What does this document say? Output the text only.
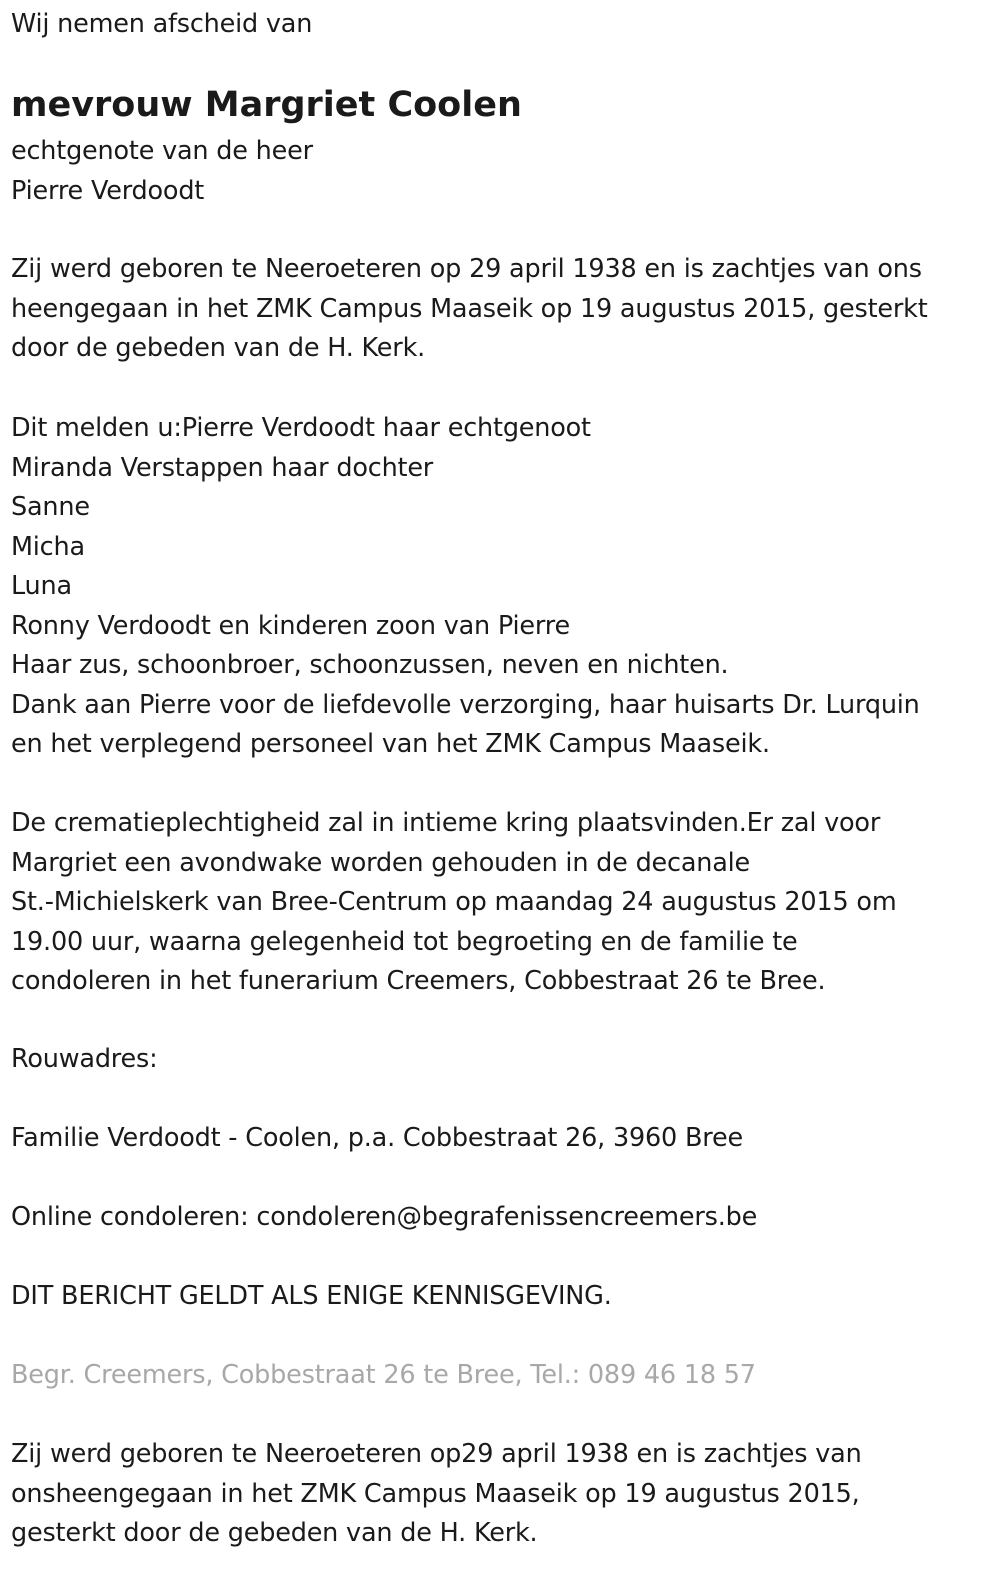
Wij nemen afscheid van
mevrouw Margriet Coolen
echtgenote van de heer
Pierre Verdoodt
Zij werd geboren te Neeroeteren op 29 april 1938 en is zachtjes van ons
heengegaan in het ZMK Campus Maaseik op 19 augustus 2015, gesterkt
door de gebeden van de H. Kerk.
Dit melden u:Pierre Verdoodt haar echtgenoot
Miranda Verstappen haar dochter
Sanne
Micha
Luna
Ronny Verdoodt en kinderen zoon van Pierre
Haar zus, schoonbroer, schoonzussen, neven en nichten.
Dank aan Pierre voor de liefdevolle verzorging, haar huisarts Dr. Lurquin
en het verplegend personeel van het ZMK Campus Maaseik.
De crematieplechtigheid zal in intieme kring plaatsvinden.Er zal voor
Margriet een avondwake worden gehouden in de decanale
St.-Michielskerk van Bree-Centrum op maandag 24 augustus 2015 om
19.00 uur, waarna gelegenheid tot begroeting en de familie te
condoleren in het funerarium Creemers, Cobbestraat 26 te Bree.
Rouwadres:
Familie Verdoodt - Coolen, p.a. Cobbestraat 26, 3960 Bree
Online condoleren: condoleren@begrafenissencreemers.be
DIT BERICHT GELDT ALS ENIGE KENNISGEVING.
Begr. Creemers, Cobbestraat 26 te Bree, Tel.: 089 46 18 57
Zij werd geboren te Neeroeteren op29 april 1938 en is zachtjes van
onsheengegaan in het ZMK Campus Maaseik op 19 augustus 2015,
gesterkt door de gebeden van de H. Kerk.
